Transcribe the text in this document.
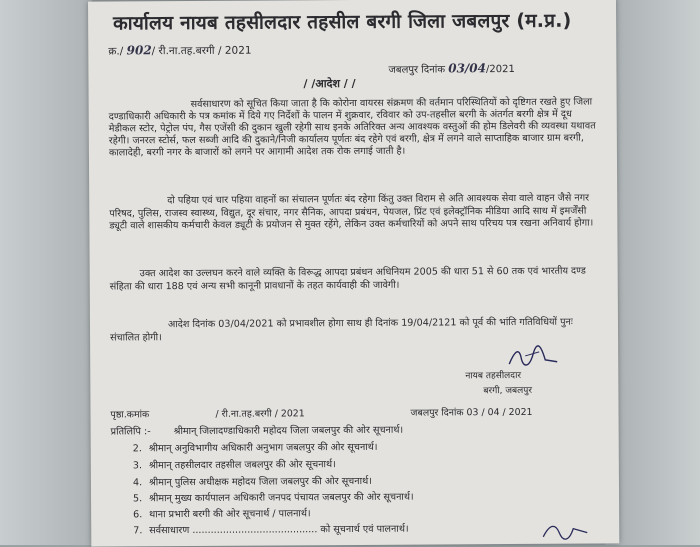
कार्यालय नायब तहसीलदार तहसील बरगी जिला जबलपुर (म.प्र.)
क्र./ 902/ री.ना.तह.बरगी / 2021
जबलपुर दिनांक 03/04/2021
/ /आदेश / /
सर्वसाधारण को सूचित किया जाता है कि कोरोना वायरस संक्रमण की वर्तमान परिस्थितियों को दृष्टिगत रखते हुए जिला दण्डाधिकारी अधिकारी के पत्र कमांक में दिये गए निर्देशों के पालन में शुक्रवार, रविवार को उप-तहसील बरगी के अंतर्गत बरगी क्षेत्र में दूध मेडीकल स्टोर, पेट्रोल पंप, गैस एजेंसी की दुकान खुली रहेगी साथ इनके अतिरिक्त अन्य आवश्यक वस्तुओं की होम डिलेवरी की व्यवस्था यथावत रहेगी। जनरल स्टोर्स, फल सब्जी आदि की दुकाने/निजी कार्यालय पूर्णतः बंद रहेगे एवं बरगी, क्षेत्र में लगने वाले साप्ताहिक बाजार ग्राम बरगी, कालादेही, बरगी नगर के बाजारों को लगने पर आगामी आदेश तक रोक लगाई जाती है।
दो पहिया एवं चार पहिया वाहनों का संचालन पूर्णतः बंद रहेगा किंतु उक्त विराम से अति आवश्यक सेवा वाले वाहन जैसे नगर परिषद, पुलिस, राजस्व स्वास्थ्य, विद्युत, दूर संचार, नगर सैनिक, आपदा प्रबंधन, पेयजल, प्रिंट एवं इलेक्ट्रॉनिक मीडिया आदि साथ में इमर्जेंसी ड्यूटी वाले शासकीय कर्मचारी केवल ड्यूटी के प्रयोजन से मुक्त रहेंगे, लेकिन उक्त कर्मचारियों को अपने साथ परिचय पत्र रखना अनिवार्य होगा।
उक्त आदेश का उल्लघन करने वाले व्यक्ति के विरूद्ध आपदा प्रबंधन अधिनियम 2005 की धारा 51 से 60 तक एवं भारतीय दण्ड संहिता की धारा 188 एवं अन्य सभी कानूनी प्रावधानों के तहत कार्यवाही की जावेगी।
आदेश दिनांक 03/04/2021 को प्रभावशील होगा साथ ही दिनांक 19/04/2121 को पूर्व की भांति गतिविधियों पुनः संचालित होगी।
नायब तहसीलदार
बरगी, जबलपुर
पृष्ठा.कमांक	/ री.ना.तह.बरगी / 2021	जबलपुर दिनांक 03 / 04 / 2021
प्रतिलिपि :- श्रीमान् जिलादण्डाधिकारी महोदय जिला जबलपुर की ओर सूचनार्थ।
2. श्रीमान् अनुविभागीय अधिकारी अनुभाग जबलपुर की ओर सूचनार्थ।
3. श्रीमान् तहसीलदार तहसील जबलपुर की ओर सूचनार्थ।
4. श्रीमान् पुलिस अधीक्षक महोदय जिला जबलपुर की ओर सूचनार्थ।
5. श्रीमान् मुख्य कार्यपालन अधिकारी जनपद पंचायत जबलपुर की ओर सूचनार्थ।
6. थाना प्रभारी बरगी की ओर सूचनार्थ / पालनार्थ।
7. सर्वसाधारण ......................................... को सूचनार्थ एवं पालनार्थ।
